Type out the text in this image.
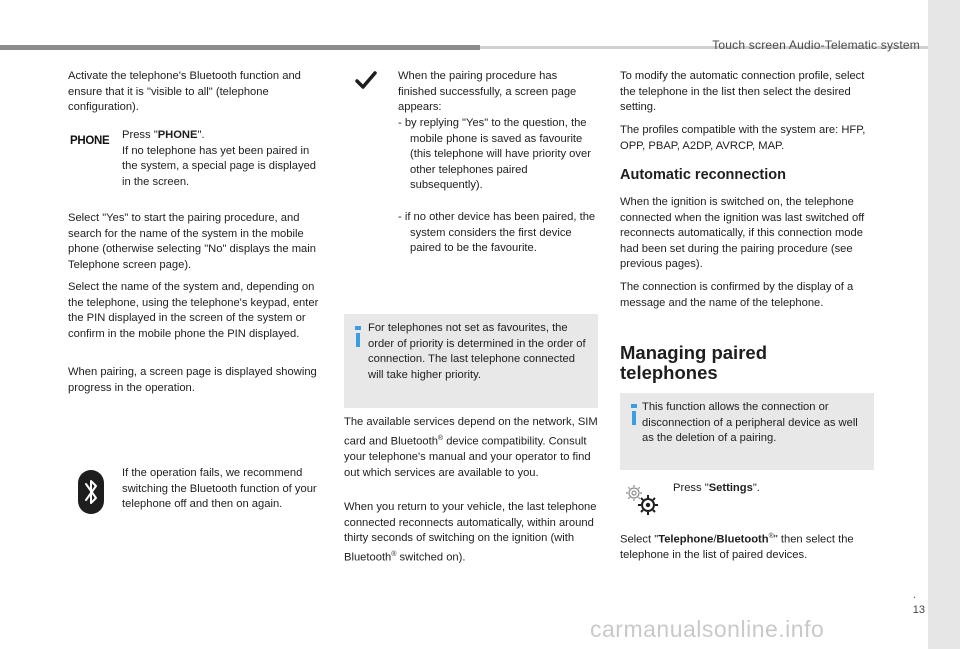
Touch screen Audio-Telematic system
.
13
carmanualsonline.info

Activate the telephone's Bluetooth function and ensure that it is "visible to all" (telephone configuration).

PHONE Press "PHONE".
If no telephone has yet been paired in the system, a special page is displayed in the screen.

Select "Yes" to start the pairing procedure, and search for the name of the system in the mobile phone (otherwise selecting "No" displays the main Telephone screen page).

Select the name of the system and, depending on the telephone, using the telephone's keypad, enter the PIN displayed in the screen of the system or confirm in the mobile phone the PIN displayed.

When pairing, a screen page is displayed showing progress in the operation.

If the operation fails, we recommend switching the Bluetooth function of your telephone off and then on again.

When the pairing procedure has finished successfully, a screen page appears:

- by replying "Yes" to the question, the mobile phone is saved as favourite (this telephone will have priority over other telephones paired subsequently).

- if no other device has been paired, the system considers the first device paired to be the favourite.

For telephones not set as favourites, the order of priority is determined in the order of connection. The last telephone connected will take higher priority.

The available services depend on the network, SIM card and Bluetooth® device compatibility. Consult your telephone's manual and your operator to find out which services are available to you.

When you return to your vehicle, the last telephone connected reconnects automatically, within around thirty seconds of switching on the ignition (with Bluetooth® switched on).

To modify the automatic connection profile, select the telephone in the list then select the desired setting.

The profiles compatible with the system are: HFP, OPP, PBAP, A2DP, AVRCP, MAP.

Automatic reconnection

When the ignition is switched on, the telephone connected when the ignition was last switched off reconnects automatically, if this connection mode had been set during the pairing procedure (see previous pages).

The connection is confirmed by the display of a message and the name of the telephone.

Managing paired telephones

This function allows the connection or disconnection of a peripheral device as well as the deletion of a pairing.

Press "Settings".

Select "Telephone/Bluetooth®" then select the telephone in the list of paired devices.
